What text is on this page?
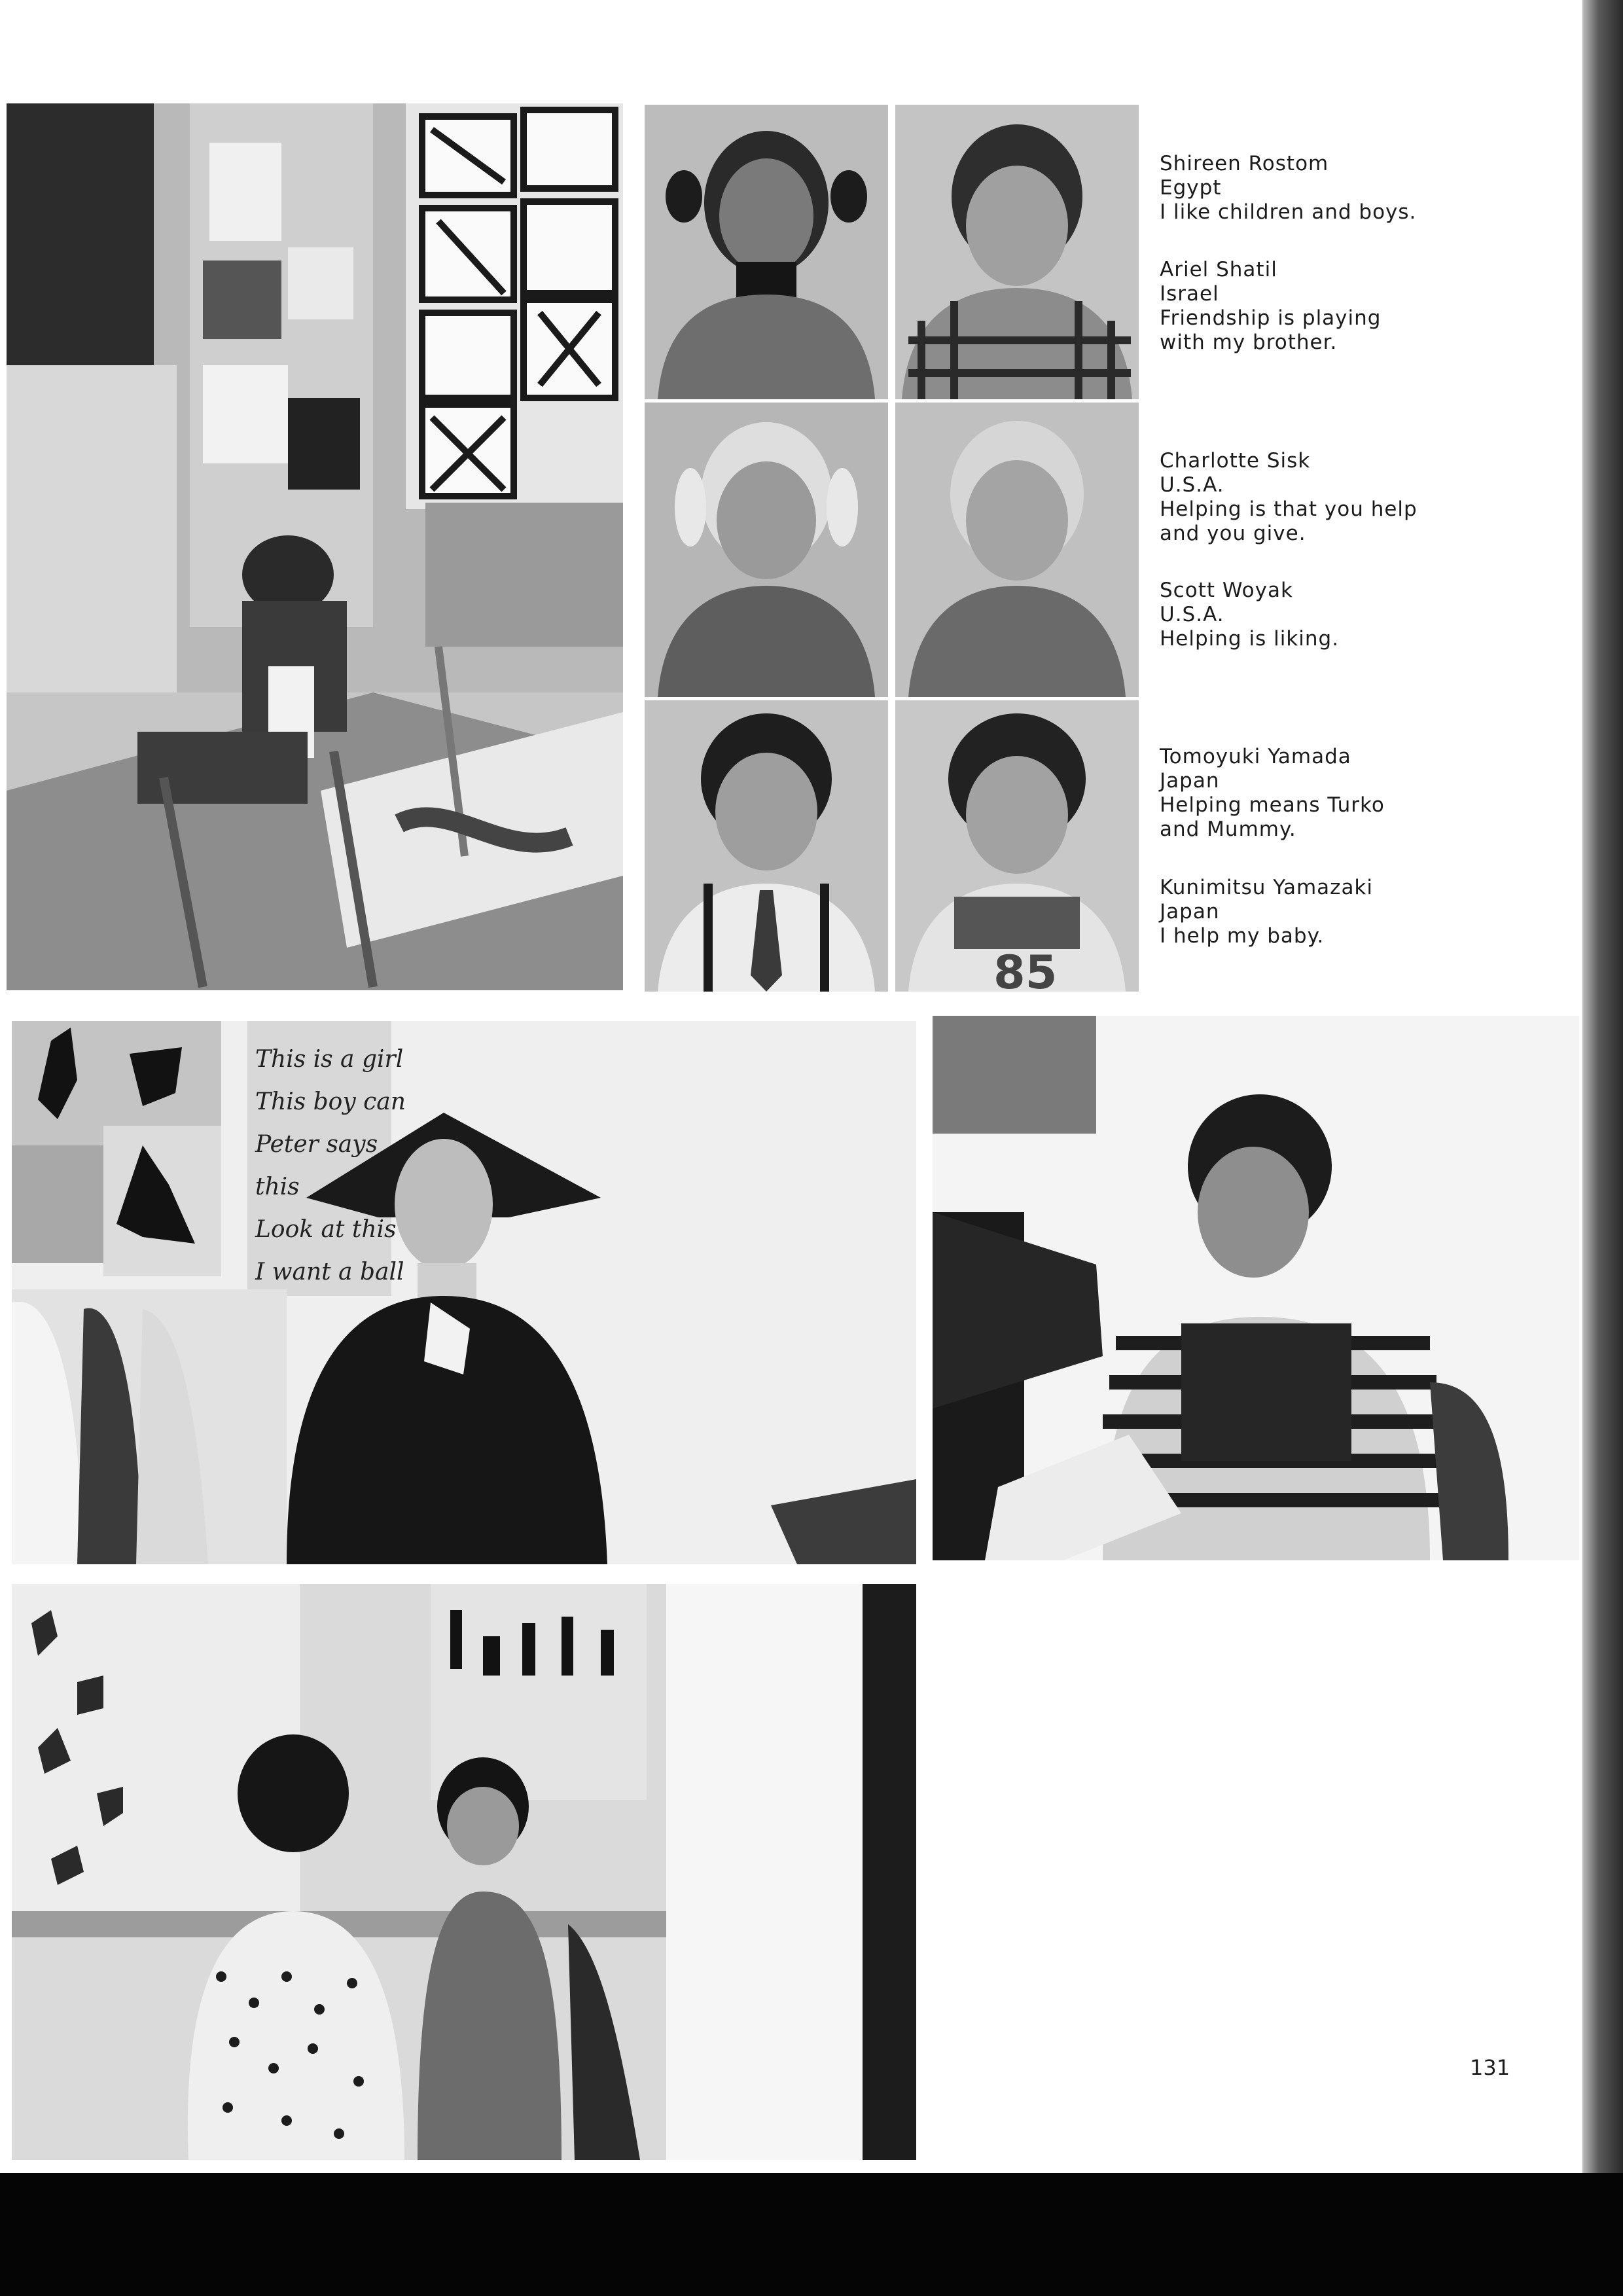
85
Shireen Rostom
Egypt
I like children and boys.
Ariel Shatil
Israel
Friendship is playing
with my brother.
Charlotte Sisk
U.S.A.
Helping is that you help
and you give.
Scott Woyak
U.S.A.
Helping is liking.
Tomoyuki Yamada
Japan
Helping means Turko
and Mummy.
Kunimitsu Yamazaki
Japan
I help my baby.
This is a girl
This boy can
Peter says
this
Look at this
I want a ball
131
